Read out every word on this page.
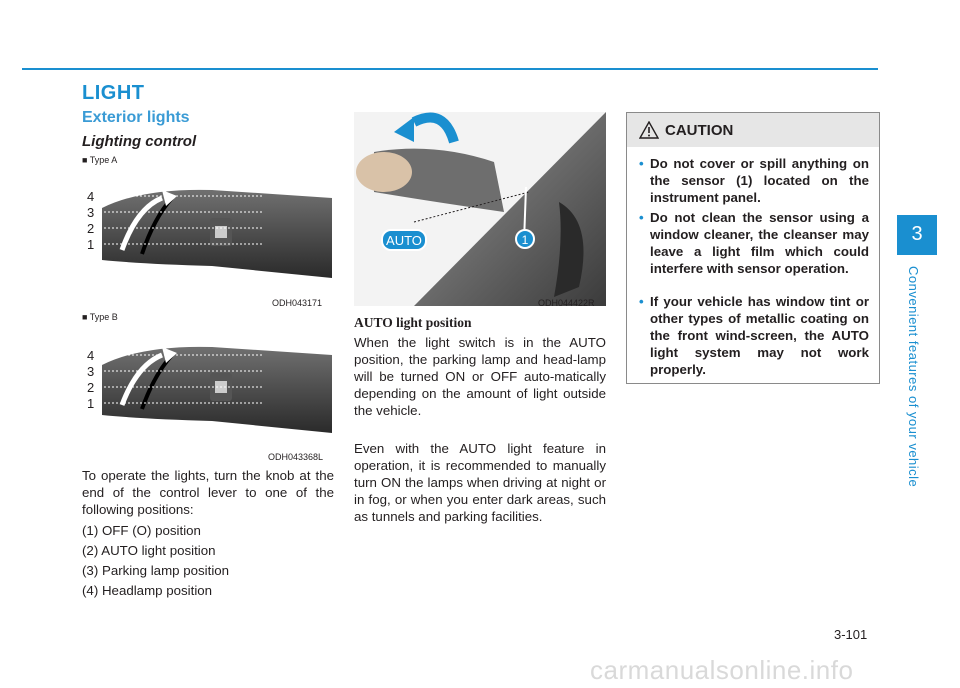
LIGHT
Exterior lights
Lighting control
■ Type A
4
3
2
1
ODH043171
■ Type B
4
3
2
1
ODH043368L
AUTO	1
ODH044422R
To operate the lights, turn the knob at the end of the control lever to one of the following positions:
(1) OFF (O) position
(2) AUTO light position
(3) Parking lamp position
(4) Headlamp position
AUTO light position
When the light switch is in the AUTO position, the parking lamp and head-lamp will be turned ON or OFF auto-matically depending on the amount of light outside the vehicle.
Even with the AUTO light feature in operation, it is recommended to manually turn ON the lamps when driving at night or in fog, or when you enter dark areas, such as tunnels and parking facilities.
CAUTION
• Do not cover or spill anything on the sensor (1) located on the instrument panel.
• Do not clean the sensor using a window cleaner, the cleanser may leave a light film which could interfere with sensor operation.
• If your vehicle has window tint or other types of metallic coating on the front wind-screen, the AUTO light system may not work properly.
3
Convenient features of your vehicle
3-101
carmanualsonline.info
